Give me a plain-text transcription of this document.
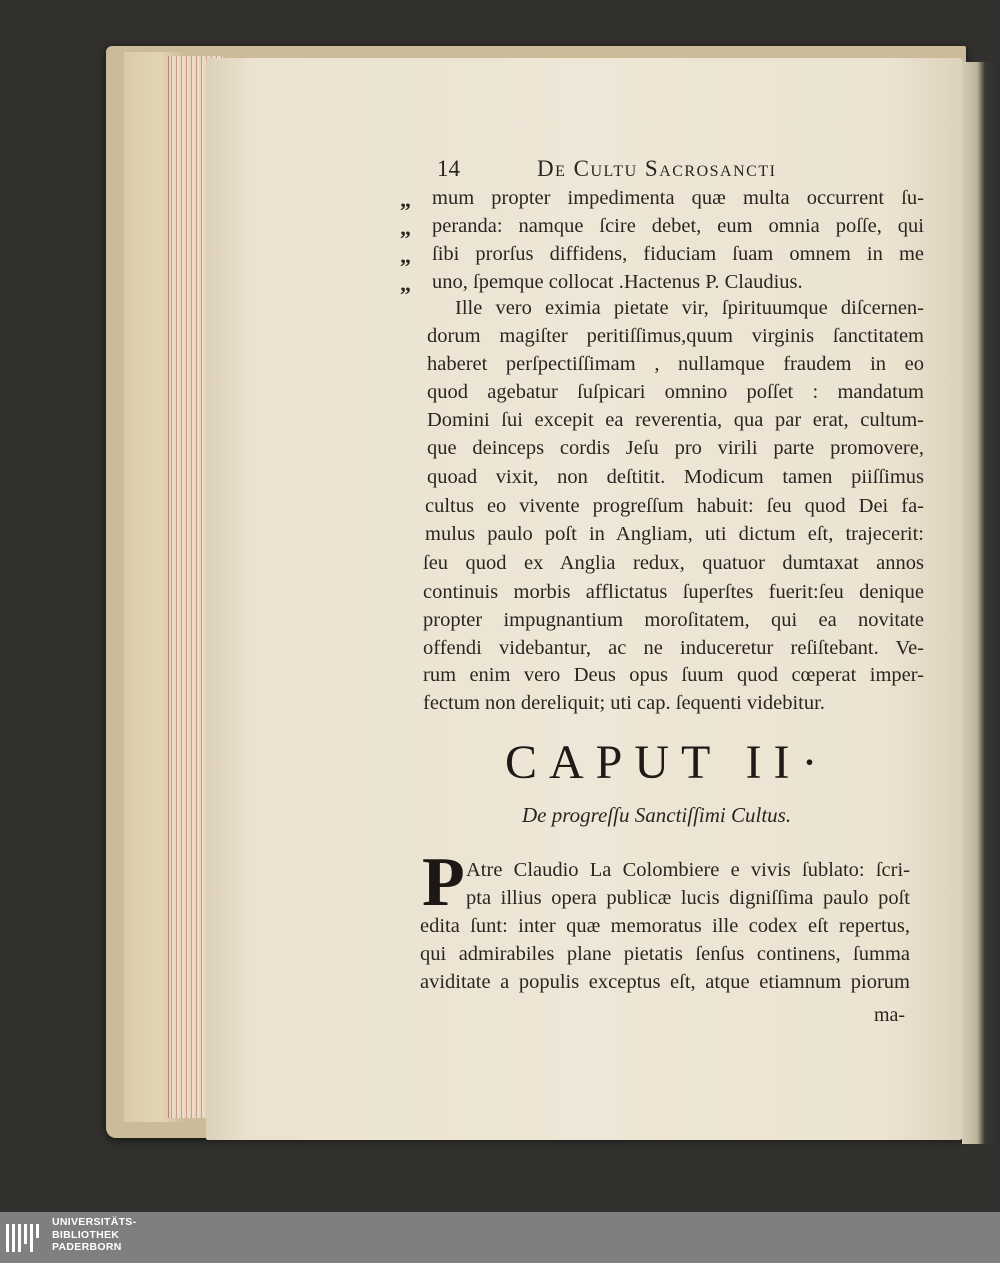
14	De Cultu Sacrosancti
„
„
„
„
mum propter impedimenta quæ multa occurrent ſu-
peranda: namque ſcire debet, eum omnia poſſe, qui
ſibi prorſus diffidens, fiduciam ſuam omnem in me
uno, ſpemque collocat .Hactenus P. Claudius.
Ille vero eximia pietate vir, ſpirituumque diſcernen-
dorum magiſter peritiſſimus,quum virginis ſanctitatem
haberet perſpectiſſimam , nullamque fraudem in eo
quod agebatur ſuſpicari omnino poſſet : mandatum
Domini ſui excepit ea reverentia, qua par erat, cultum-
que deinceps cordis Jeſu pro virili parte promovere,
quoad vixit, non deſtitit. Modicum tamen piiſſimus
cultus eo vivente progreſſum habuit: ſeu quod Dei fa-
mulus paulo poſt in Angliam, uti dictum eſt, trajecerit:
ſeu quod ex Anglia redux, quatuor dumtaxat annos
continuis morbis afflictatus ſuperſtes fuerit:ſeu denique
propter impugnantium moroſitatem, qui ea novitate
offendi videbantur, ac ne induceretur reſiſtebant. Ve-
rum enim vero Deus opus ſuum quod cœperat imper-
fectum non dereliquit; uti cap. ſequenti videbitur.
CAPUT II·
De progreſſu Sanctiſſimi Cultus.
P Atre Claudio La Colombiere e vivis ſublato: ſcri-
pta illius opera publicæ lucis digniſſima paulo poſt
edita ſunt: inter quæ memoratus ille codex eſt repertus,
qui admirabiles plane pietatis ſenſus continens, ſumma
aviditate a populis exceptus eſt, atque etiamnum piorum
ma-
UNIVERSITÄTS-
BIBLIOTHEK
PADERBORN
